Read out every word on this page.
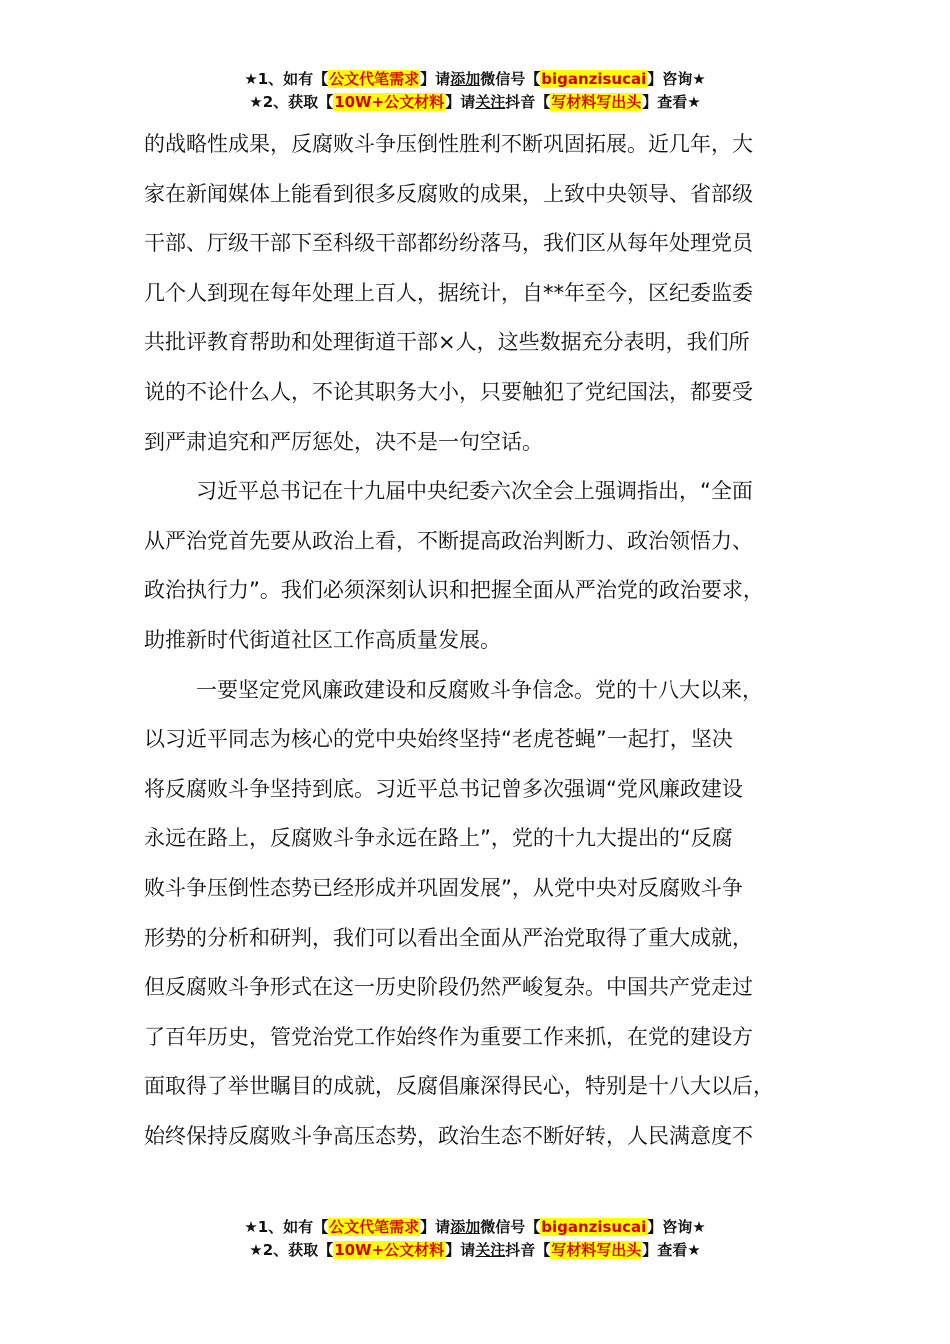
★1、如有【公文代笔需求】请添加微信号【biganzisucai】咨询★
★2、获取【10W+公文材料】请关注抖音【写材料写出头】查看★
的战略性成果，反腐败斗争压倒性胜利不断巩固拓展。近几年，大
家在新闻媒体上能看到很多反腐败的成果，上致中央领导、省部级
干部、厅级干部下至科级干部都纷纷落马，我们区从每年处理党员
几个人到现在每年处理上百人，据统计，自**年至今，区纪委监委
共批评教育帮助和处理街道干部×人，这些数据充分表明，我们所
说的不论什么人，不论其职务大小，只要触犯了党纪国法，都要受
到严肃追究和严厉惩处，决不是一句空话。
习近平总书记在十九届中央纪委六次全会上强调指出，“全面
从严治党首先要从政治上看，不断提高政治判断力、政治领悟力、
政治执行力”。我们必须深刻认识和把握全面从严治党的政治要求，
助推新时代街道社区工作高质量发展。
一要坚定党风廉政建设和反腐败斗争信念。党的十八大以来，
以习近平同志为核心的党中央始终坚持“老虎苍蝇”一起打，坚决
将反腐败斗争坚持到底。习近平总书记曾多次强调“党风廉政建设
永远在路上，反腐败斗争永远在路上”，党的十九大提出的“反腐
败斗争压倒性态势已经形成并巩固发展”，从党中央对反腐败斗争
形势的分析和研判，我们可以看出全面从严治党取得了重大成就，
但反腐败斗争形式在这一历史阶段仍然严峻复杂。中国共产党走过
了百年历史，管党治党工作始终作为重要工作来抓，在党的建设方
面取得了举世瞩目的成就，反腐倡廉深得民心，特别是十八大以后，
始终保持反腐败斗争高压态势，政治生态不断好转，人民满意度不
★1、如有【公文代笔需求】请添加微信号【biganzisucai】咨询★
★2、获取【10W+公文材料】请关注抖音【写材料写出头】查看★
